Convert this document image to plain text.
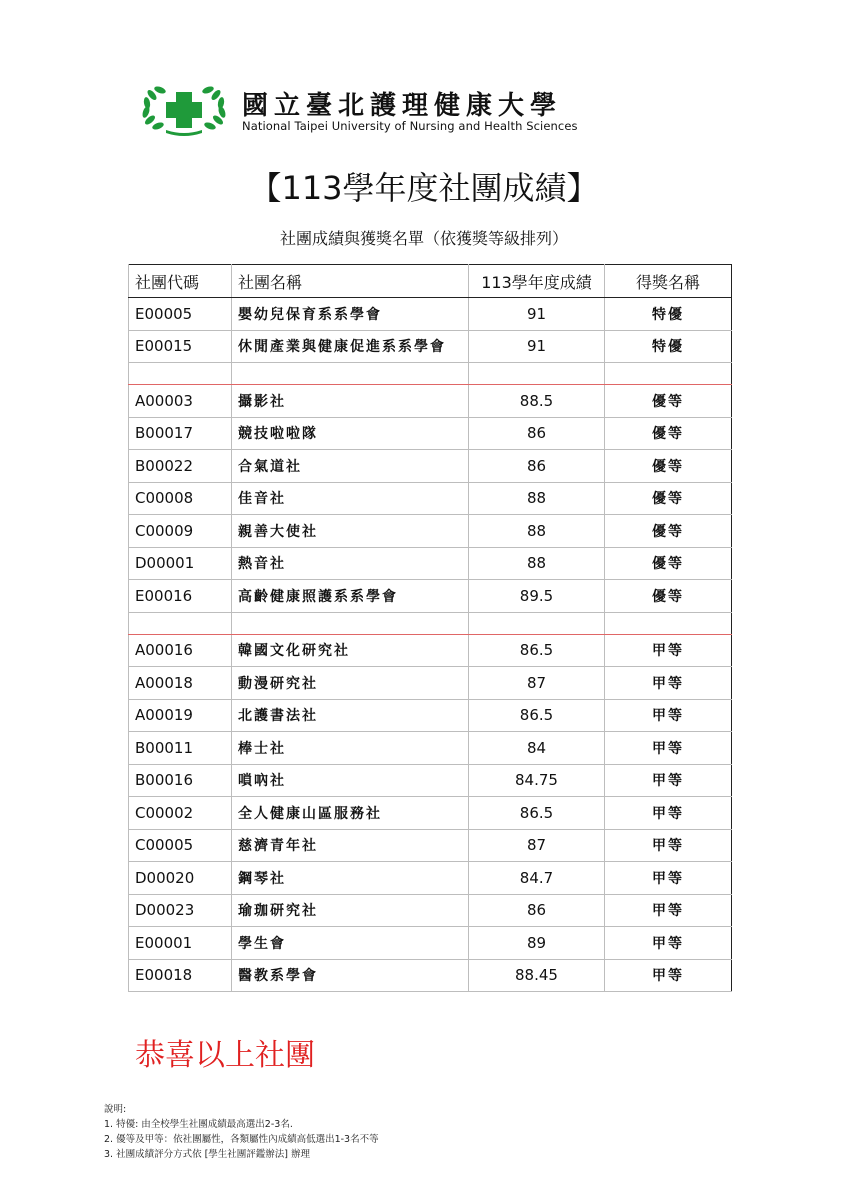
國立臺北護理健康大學
National Taipei University of Nursing and Health Sciences
【113學年度社團成績】
社團成績與獲獎名單（依獲獎等級排列）
社團代碼	社團名稱	113學年度成績	得獎名稱
E00005	嬰幼兒保育系系學會	91	特優
E00015	休閒產業與健康促進系系學會	91	特優

A00003	攝影社	88.5	優等
B00017	競技啦啦隊	86	優等
B00022	合氣道社	86	優等
C00008	佳音社	88	優等
C00009	親善大使社	88	優等
D00001	熱音社	88	優等
E00016	高齡健康照護系系學會	89.5	優等

A00016	韓國文化研究社	86.5	甲等
A00018	動漫研究社	87	甲等
A00019	北護書法社	86.5	甲等
B00011	棒士社	84	甲等
B00016	嗩吶社	84.75	甲等
C00002	全人健康山區服務社	86.5	甲等
C00005	慈濟青年社	87	甲等
D00020	鋼琴社	84.7	甲等
D00023	瑜珈研究社	86	甲等
E00001	學生會	89	甲等
E00018	醫教系學會	88.45	甲等
恭喜以上社團
說明:
1. 特優: 由全校學生社團成績最高選出2-3名.
2. 優等及甲等：依社團屬性，各類屬性內成績高低選出1-3名不等
3. 社團成績評分方式依 [學生社團評鑑辦法] 辦理
